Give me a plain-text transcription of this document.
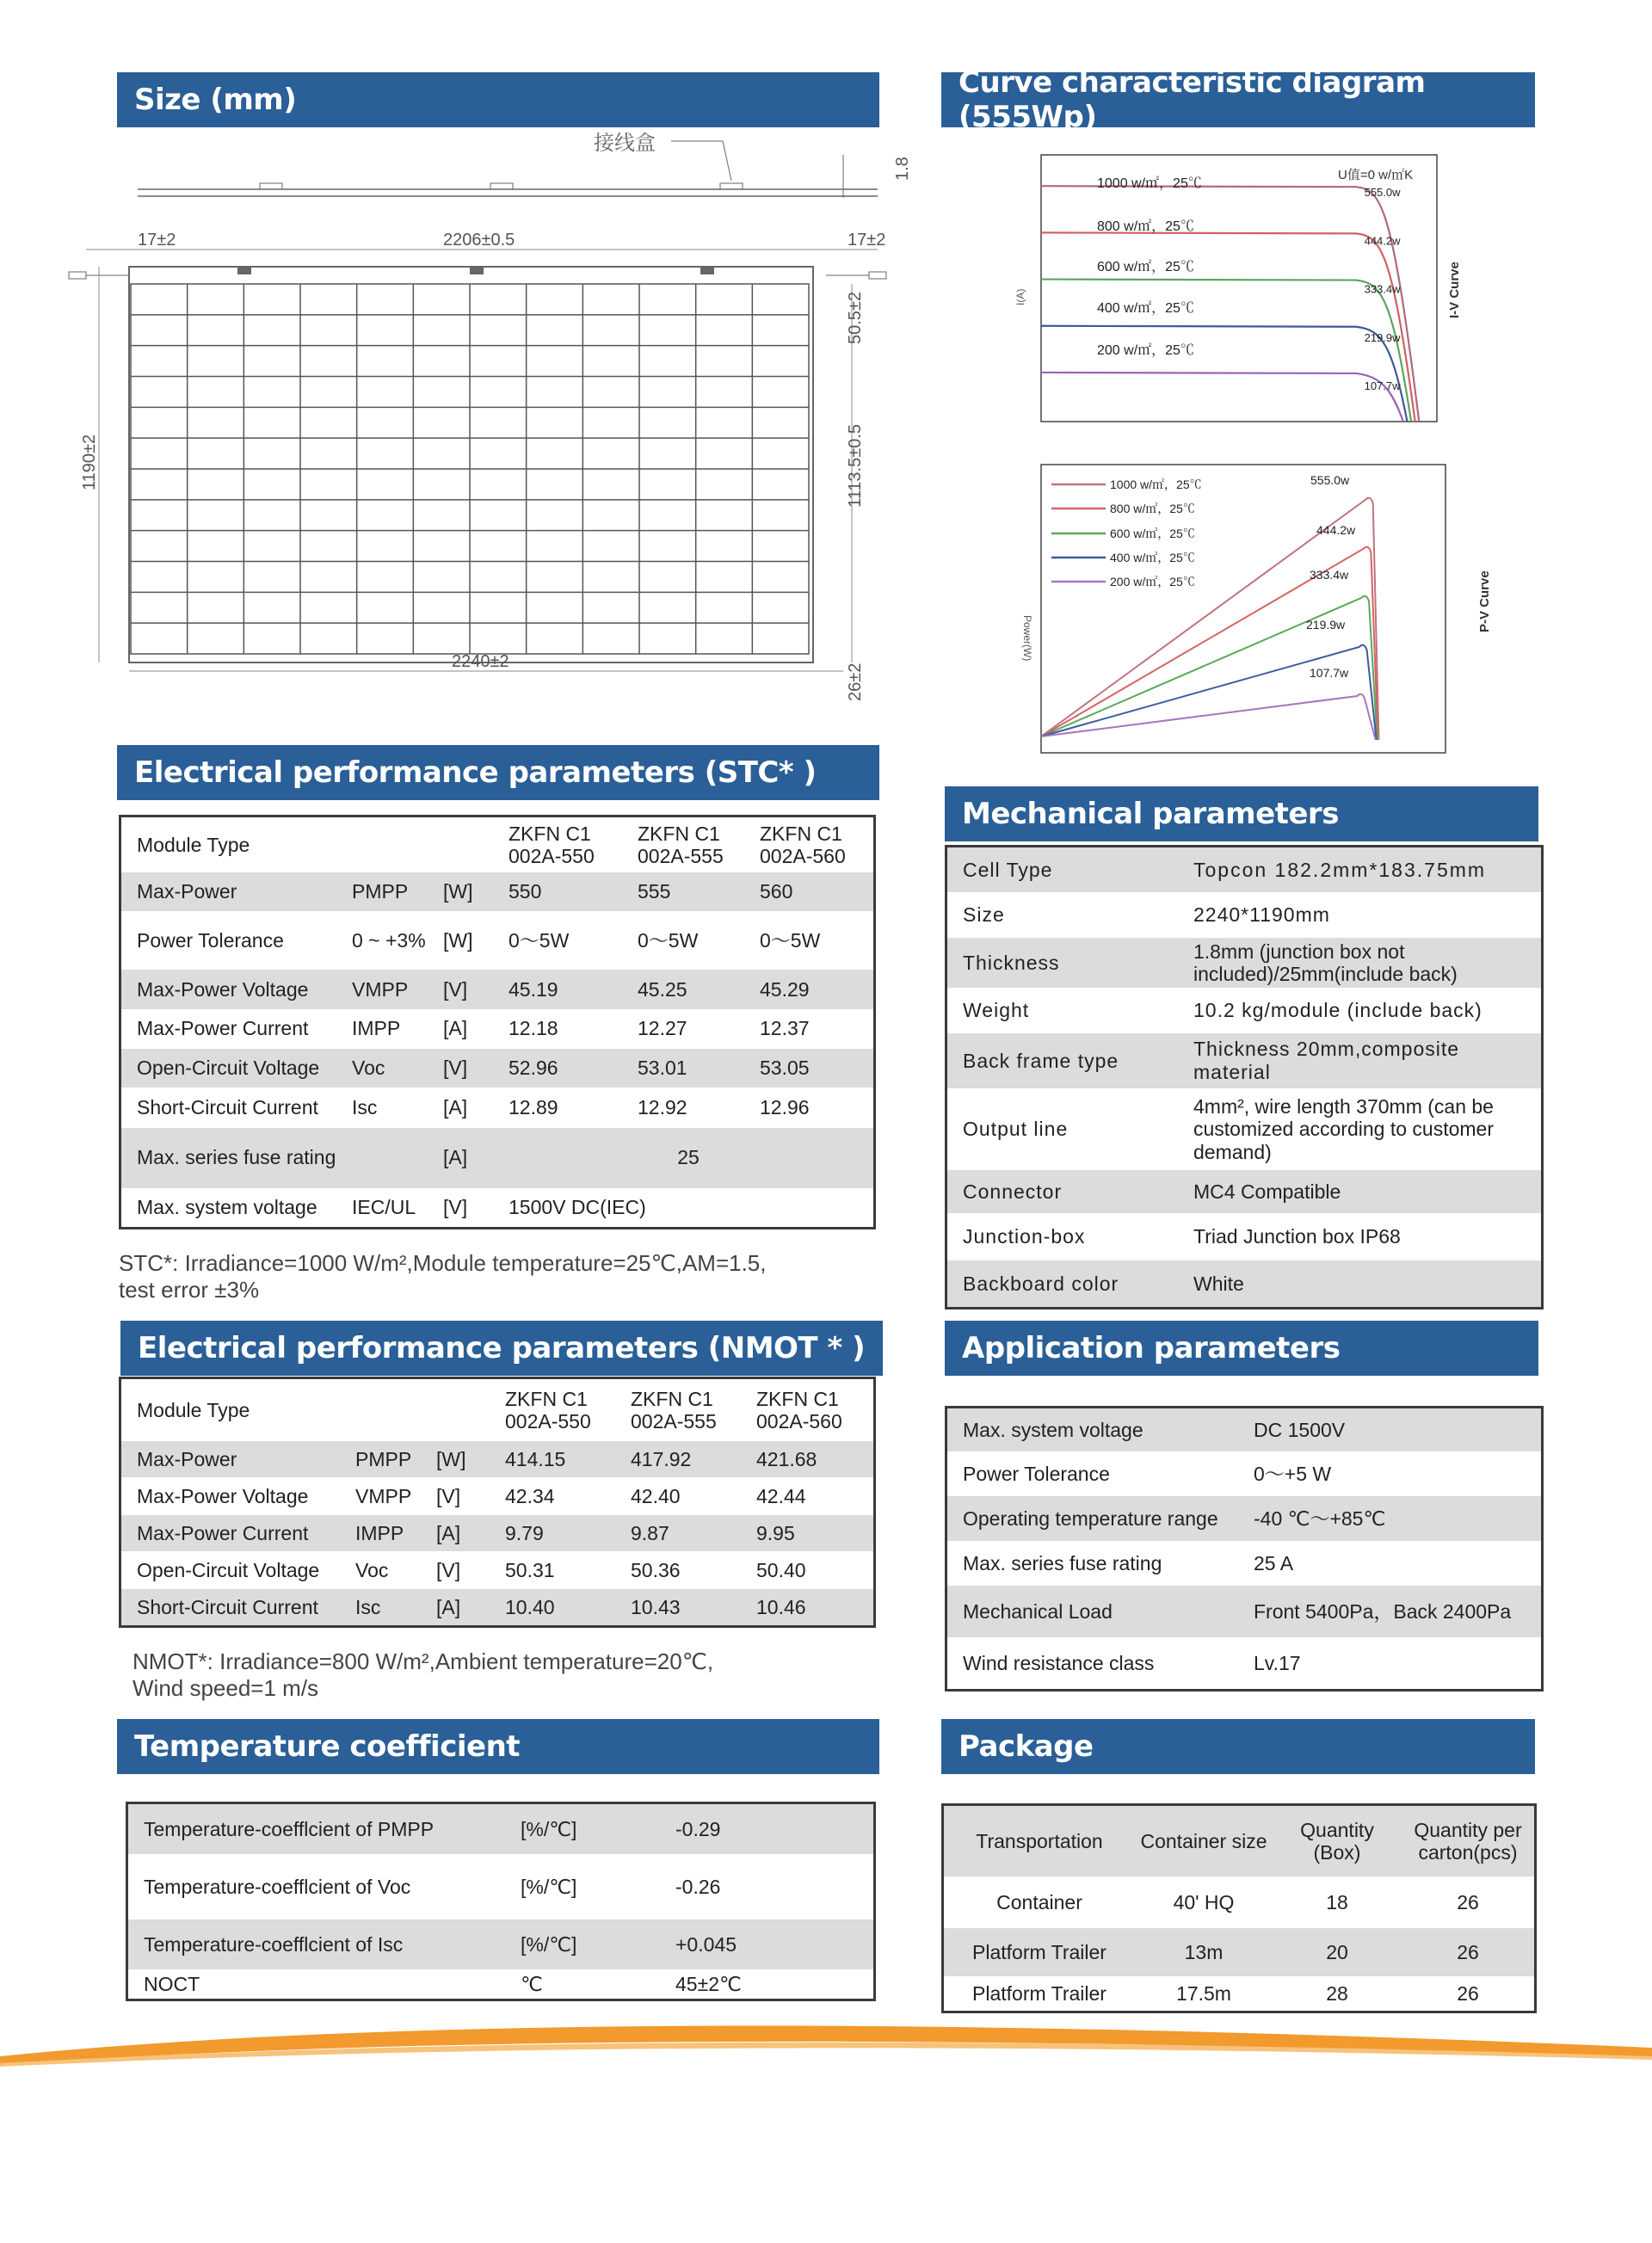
Size (mm)
接线盒
1.8
17±2	2206±0.5	17±2
50.5±2
1113.5±0.5
26±2
1190±2
2240±2
Curve characteristic diagram (555Wp)
U值=0 w/㎡K
I-V Curve
I(A)
1000 w/㎡，25℃
555.0w
800 w/㎡，25℃
444.2w
600 w/㎡，25℃
333.4w
400 w/㎡，25℃
219.9w
200 w/㎡，25℃
107.7w
P-V Curve
Power(W)
1000 w/㎡，25℃	555.0w
800 w/㎡，25℃
444.2w
600 w/㎡，25℃
333.4w
400 w/㎡，25℃
219.9w
200 w/㎡，25℃
107.7w
Electrical performance parameters (STC* )
Module Type			ZKFN C1 002A-550	ZKFN C1 002A-555	ZKFN C1 002A-560
Max-Power	PMPP	[W]	550	555	560
Power Tolerance	0 ~ +3%	[W]	0～5W	0～5W	0～5W
Max-Power Voltage	VMPP	[V]	45.19	45.25	45.29
Max-Power Current	IMPP	[A]	12.18	12.27	12.37
Open-Circuit Voltage	Voc	[V]	52.96	53.01	53.05
Short-Circuit Current	Isc	[A]	12.89	12.92	12.96
Max. series fuse rating		[A]	25		
Max. system voltage	IEC/UL	[V]	1500V DC(IEC)		
STC*: Irradiance=1000 W/m²,Module temperature=25℃,AM=1.5,
test error ±3%
Electrical performance parameters (NMOT * )
Module Type			ZKFN C1 002A-550	ZKFN C1 002A-555	ZKFN C1 002A-560
Max-Power	PMPP	[W]	414.15	417.92	421.68
Max-Power Voltage	VMPP	[V]	42.34	42.40	42.44
Max-Power Current	IMPP	[A]	9.79	9.87	9.95
Open-Circuit Voltage	Voc	[V]	50.31	50.36	50.40
Short-Circuit Current	Isc	[A]	10.40	10.43	10.46
NMOT*: Irradiance=800 W/m²,Ambient temperature=20℃,
Wind speed=1 m/s
Temperature coefficient
Temperature-coefflcient of PMPP	[%/℃]	-0.29
Temperature-coefflcient of Voc	[%/℃]	-0.26
Temperature-coefflcient of Isc	[%/℃]	+0.045
NOCT	℃	45±2℃
Mechanical parameters
Cell Type	Topcon 182.2mm*183.75mm
Size	2240*1190mm
Thickness	1.8mm (junction box not included)/25mm(include back)
Weight	10.2 kg/module (include back)
Back frame type	Thickness 20mm,composite material
Output line	4mm², wire length 370mm (can be customized according to customer demand)
Connector	MC4 Compatible
Junction-box	Triad Junction box IP68
Backboard color	White
Application parameters
Max. system voltage	DC 1500V
Power Tolerance	0～+5 W
Operating temperature range	-40 ℃～+85℃
Max. series fuse rating	25 A
Mechanical Load	Front 5400Pa，Back 2400Pa
Wind resistance class	Lv.17
Package
Transportation	Container size	Quantity (Box)	Quantity per carton(pcs)
Container	40' HQ	18	26
Platform Trailer	13m	20	26
Platform Trailer	17.5m	28	26
